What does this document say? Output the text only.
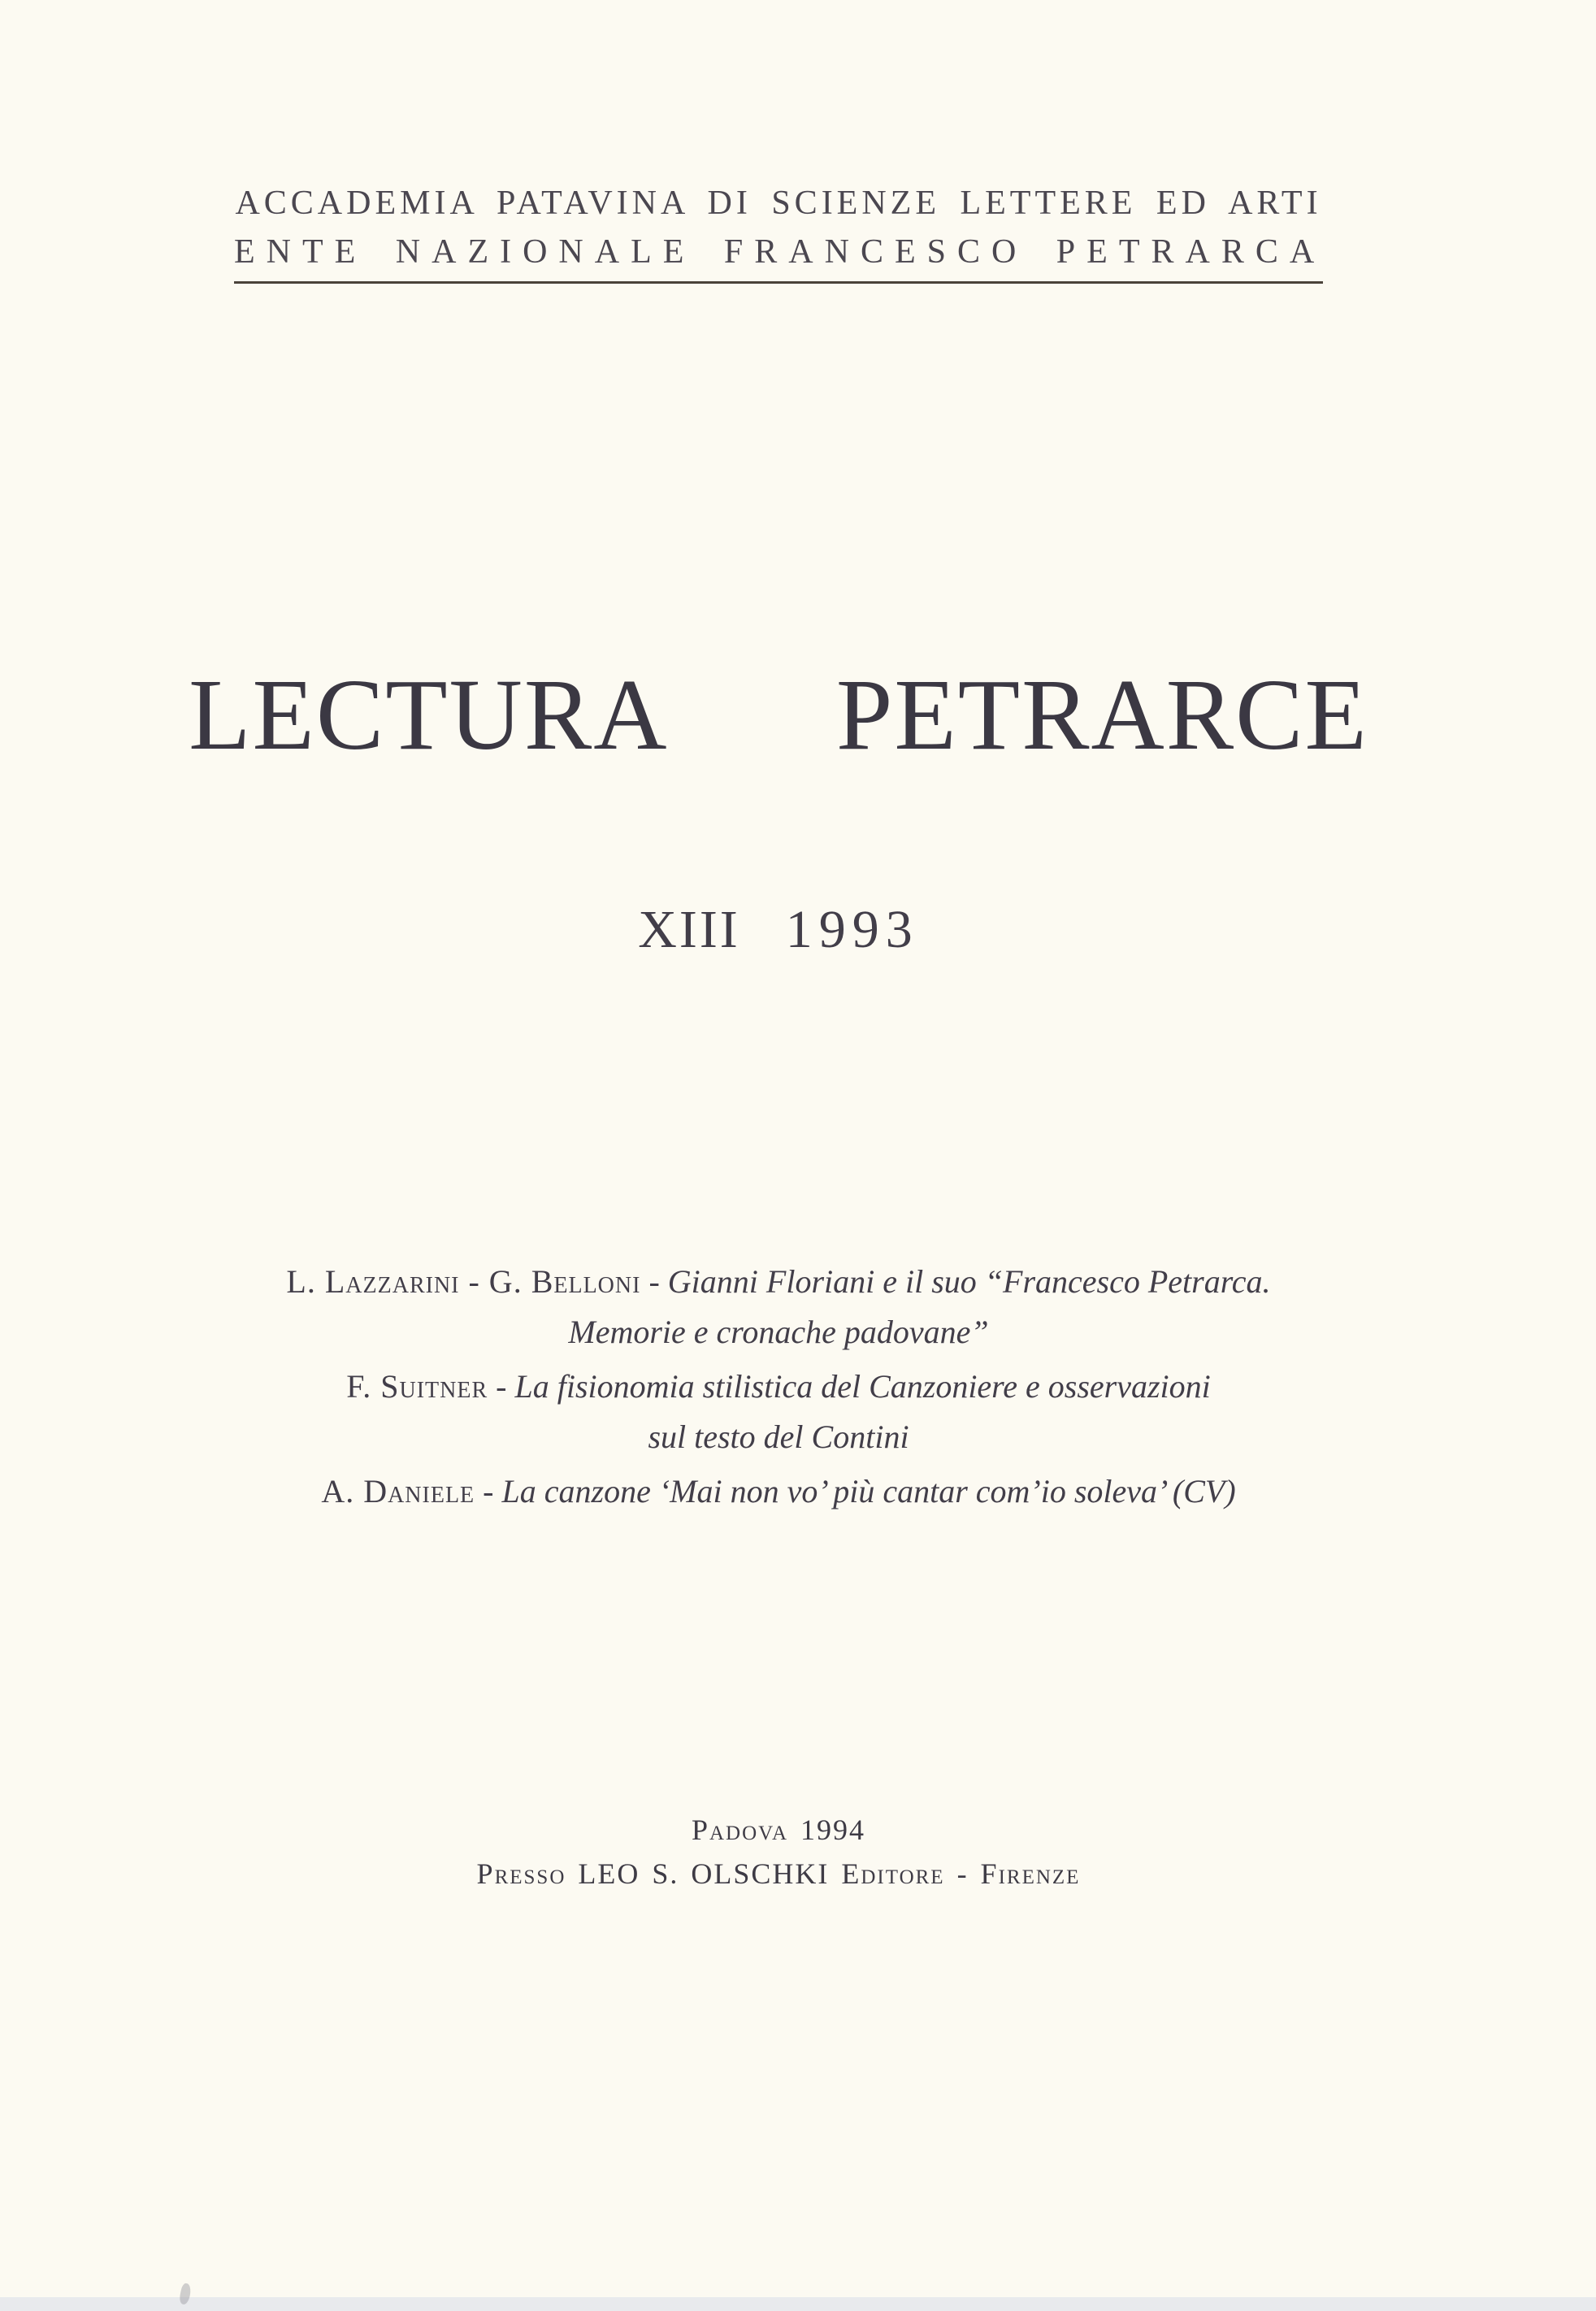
ACCADEMIA PATAVINA DI SCIENZE LETTERE ED ARTI
ENTE NAZIONALE FRANCESCO PETRARCA
LECTURA PETRARCE
XIII 1993

L. Lazzarini - G. Belloni - Gianni Floriani e il suo “Francesco Petrarca.
Memorie e cronache padovane”

F. Suitner - La fisionomia stilistica del Canzoniere e osservazioni
sul testo del Contini

A. Daniele - La canzone ‘Mai non vo’ più cantar com’io soleva’ (CV)

Padova 1994
Presso LEO S. OLSCHKI Editore - Firenze
